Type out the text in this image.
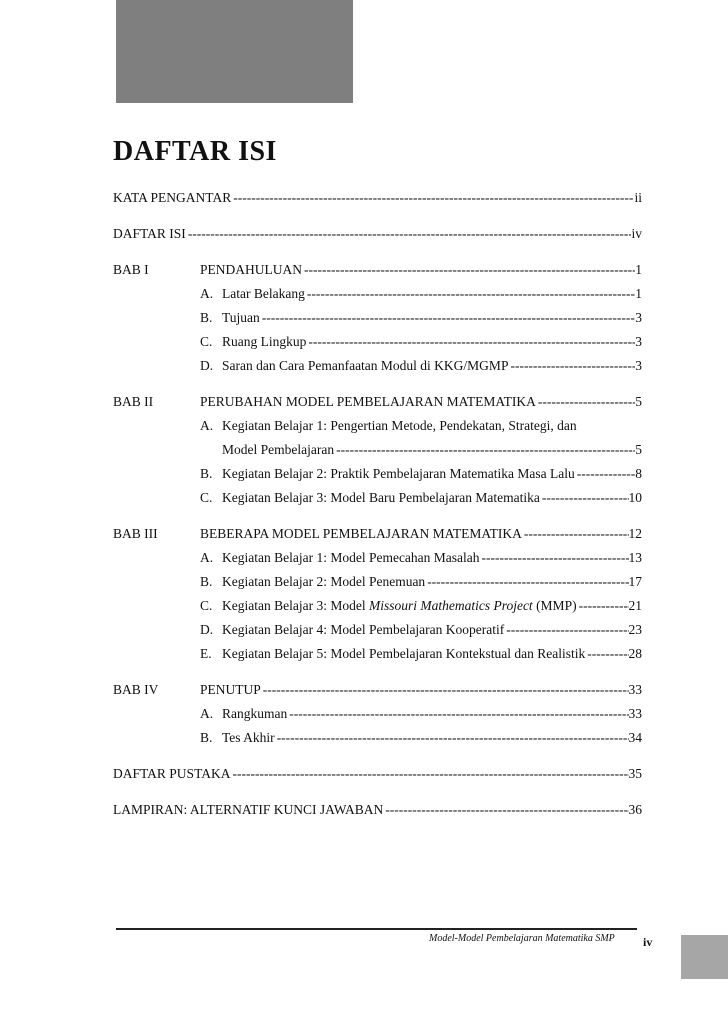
DAFTAR ISI
KATA PENGANTAR -----	ii
DAFTAR ISI -----	iv
BAB I	PENDAHULUAN -----	1
A. Latar Belakang -----	1
B. Tujuan -----	3
C. Ruang Lingkup -----	3
D. Saran dan Cara Pemanfaatan Modul di KKG/MGMP -----	3
BAB II	PERUBAHAN MODEL PEMBELAJARAN MATEMATIKA -----	5
A. Kegiatan Belajar 1: Pengertian Metode, Pendekatan, Strategi, dan
Model Pembelajaran -----	5
B. Kegiatan Belajar 2: Praktik Pembelajaran Matematika Masa Lalu -----	8
C. Kegiatan Belajar 3: Model Baru Pembelajaran Matematika -----	10
BAB III	BEBERAPA MODEL PEMBELAJARAN MATEMATIKA -----	12
A. Kegiatan Belajar 1: Model Pemecahan Masalah -----	13
B. Kegiatan Belajar 2: Model Penemuan -----	17
C. Kegiatan Belajar 3: Model Missouri Mathematics Project (MMP) -----	21
D. Kegiatan Belajar 4: Model Pembelajaran Kooperatif -----	23
E. Kegiatan Belajar 5: Model Pembelajaran Kontekstual dan Realistik -----	28
BAB IV	PENUTUP -----	33
A. Rangkuman -----	33
B. Tes Akhir -----	34
DAFTAR PUSTAKA -----	35
LAMPIRAN: ALTERNATIF KUNCI JAWABAN -----	36
Model-Model Pembelajaran Matematika SMP iv
